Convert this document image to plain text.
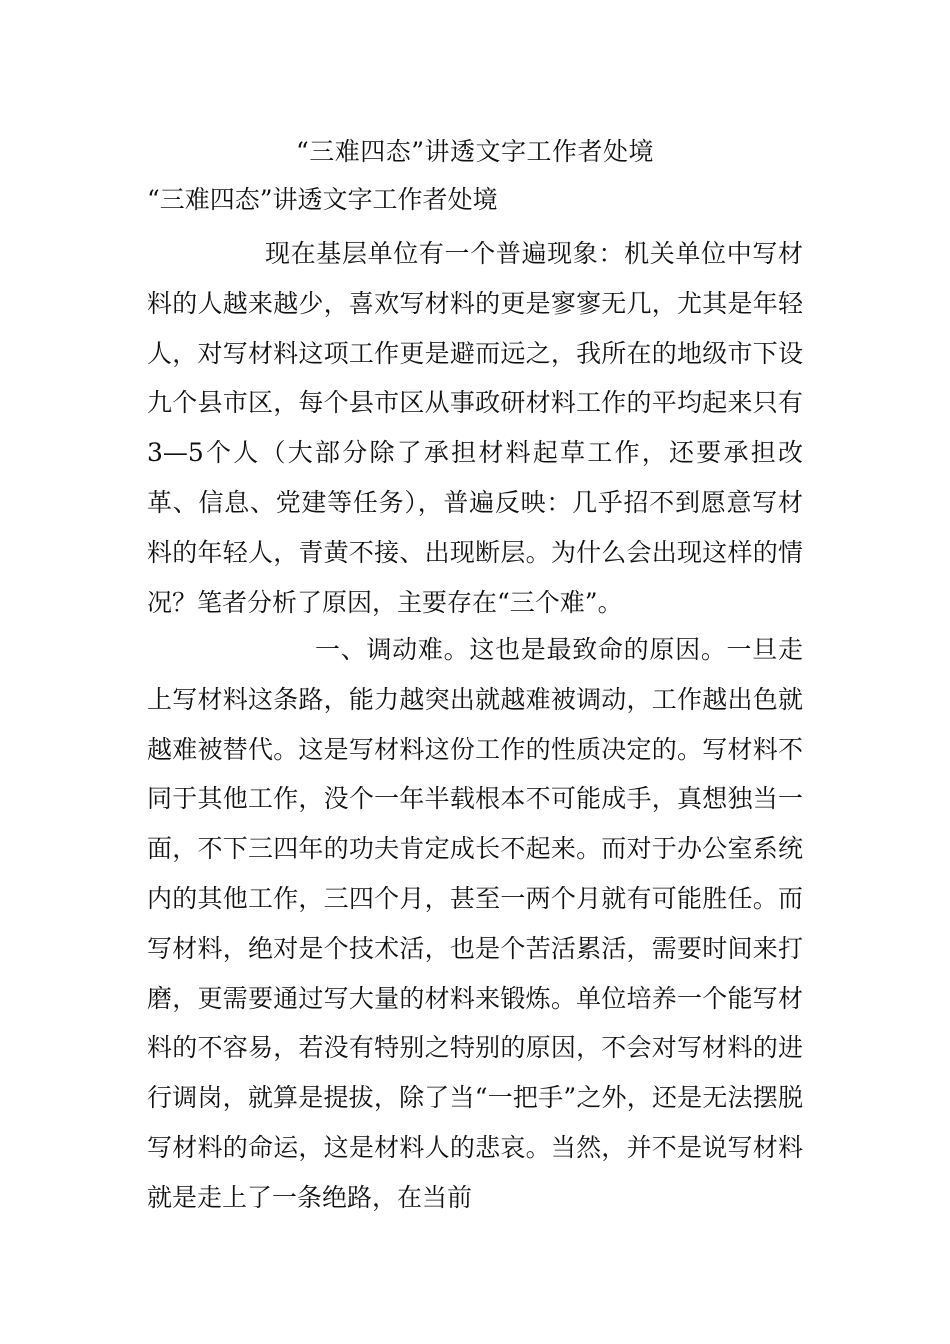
“三难四态”讲透文字工作者处境

“三难四态”讲透文字工作者处境

现在基层单位有一个普遍现象：机关单位中写材料的人越来越少，喜欢写材料的更是寥寥无几，尤其是年轻人，对写材料这项工作更是避而远之，我所在的地级市下设九个县市区，每个县市区从事政研材料工作的平均起来只有3—5个人（大部分除了承担材料起草工作，还要承担改革、信息、党建等任务），普遍反映：几乎招不到愿意写材料的年轻人，青黄不接、出现断层。为什么会出现这样的情况？笔者分析了原因，主要存在“三个难”。

一、调动难。这也是最致命的原因。一旦走上写材料这条路，能力越突出就越难被调动，工作越出色就越难被替代。这是写材料这份工作的性质决定的。写材料不同于其他工作，没个一年半载根本不可能成手，真想独当一面，不下三四年的功夫肯定成长不起来。而对于办公室系统内的其他工作，三四个月，甚至一两个月就有可能胜任。而写材料，绝对是个技术活，也是个苦活累活，需要时间来打磨，更需要通过写大量的材料来锻炼。单位培养一个能写材料的不容易，若没有特别之特别的原因，不会对写材料的进行调岗，就算是提拔，除了当“一把手”之外，还是无法摆脱写材料的命运，这是材料人的悲哀。当然，并不是说写材料就是走上了一条绝路，在当前
